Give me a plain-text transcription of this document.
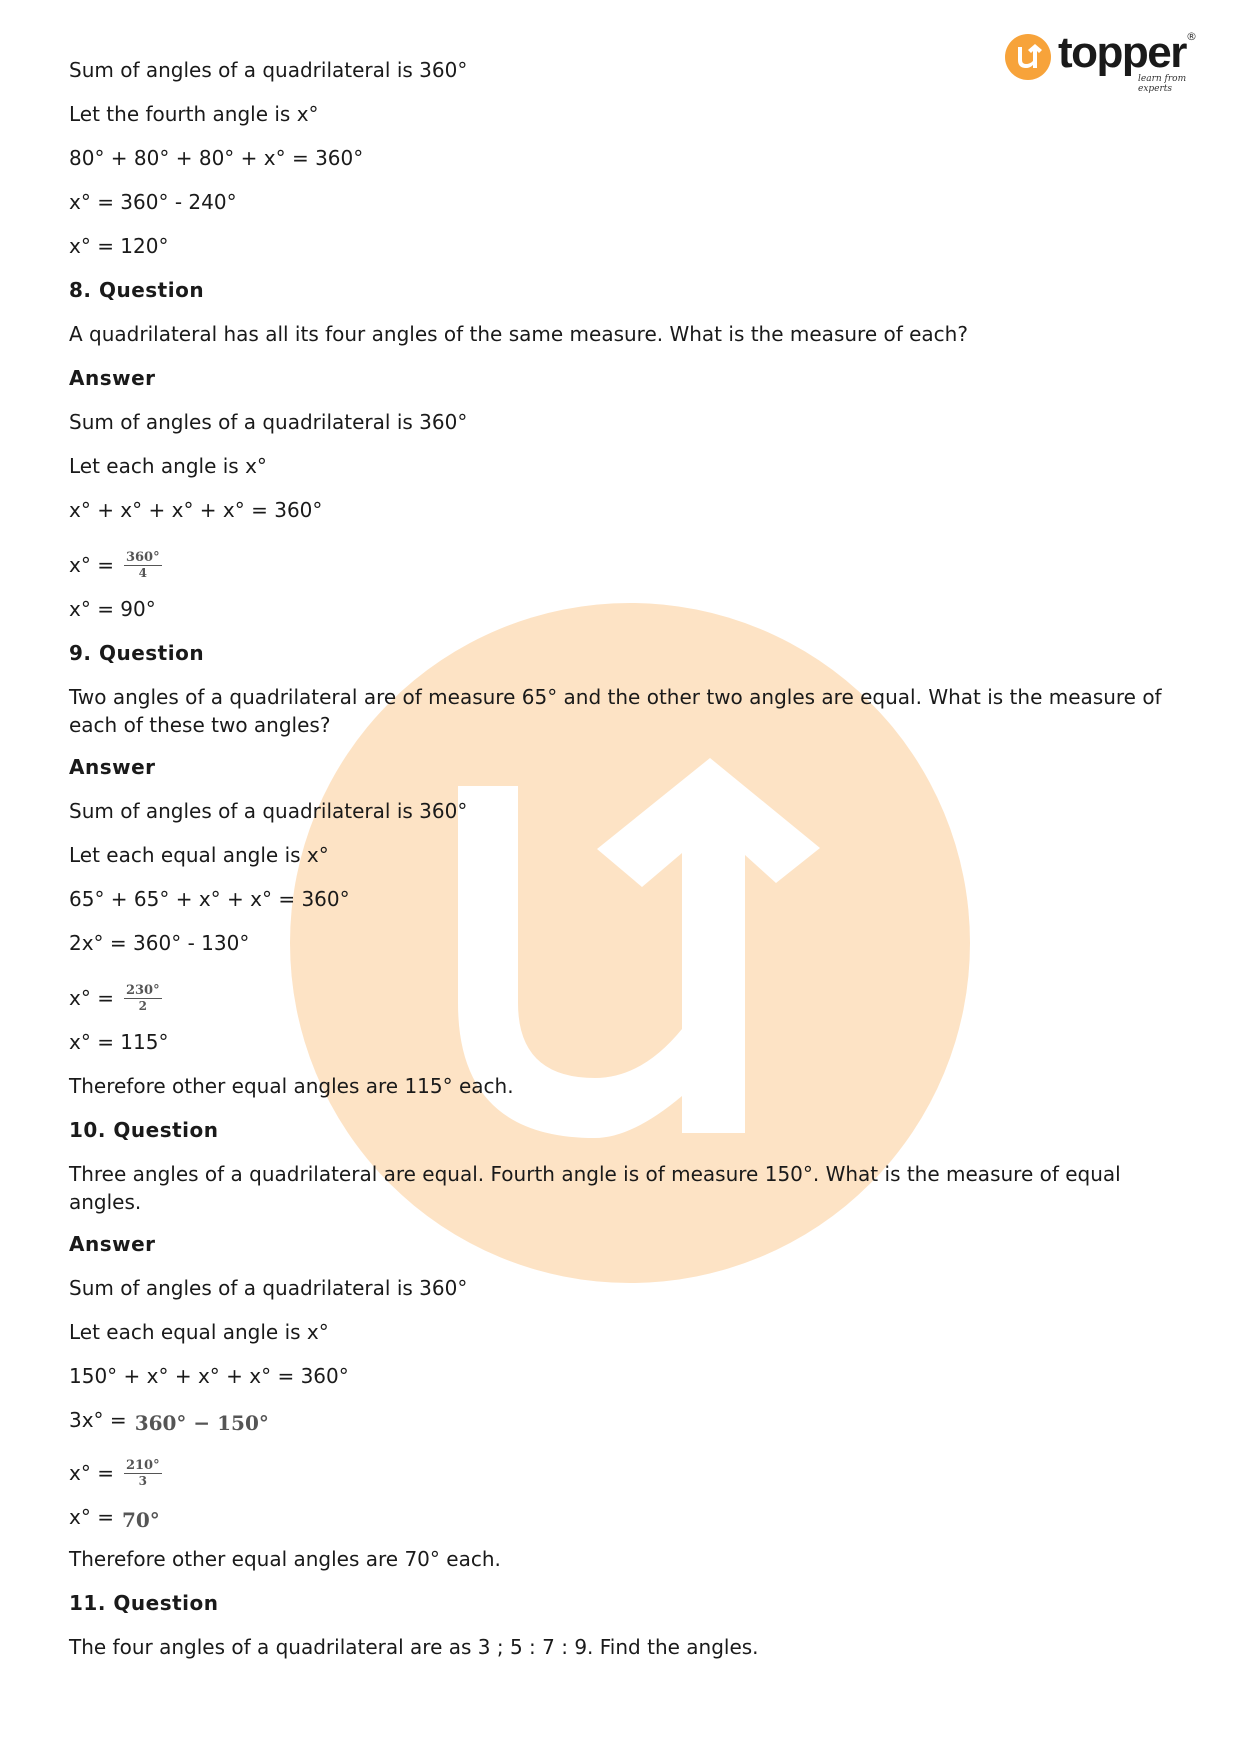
topper
learn from experts
®

Sum of angles of a quadrilateral is 360°

Let the fourth angle is x°

80° + 80° + 80° + x° = 360°

x° = 360° - 240°

x° = 120°

8. Question

A quadrilateral has all its four angles of the same measure. What is the measure of each?

Answer

Sum of angles of a quadrilateral is 360°

Let each angle is x°

x° + x° + x° + x° = 360°

$x^\circ = \frac{360^\circ}{4}$

x° = 90°

9. Question

Two angles of a quadrilateral are of measure 65° and the other two angles are equal. What is the measure of each of these two angles?

Answer

Sum of angles of a quadrilateral is 360°

Let each equal angle is x°

65° + 65° + x° + x° = 360°

2x° = 360° - 130°

$x^\circ = \frac{230^\circ}{2}$

x° = 115°

Therefore other equal angles are 115° each.

10. Question

Three angles of a quadrilateral are equal. Fourth angle is of measure 150°. What is the measure of equal angles.

Answer

Sum of angles of a quadrilateral is 360°

Let each equal angle is x°

150° + x° + x° + x° = 360°

3x° = 360° − 150°
$x^\circ = \frac{210^\circ}{3}$
x° = 70°

Therefore other equal angles are 70° each.

11. Question

The four angles of a quadrilateral are as 3 ; 5 : 7 : 9. Find the angles.
